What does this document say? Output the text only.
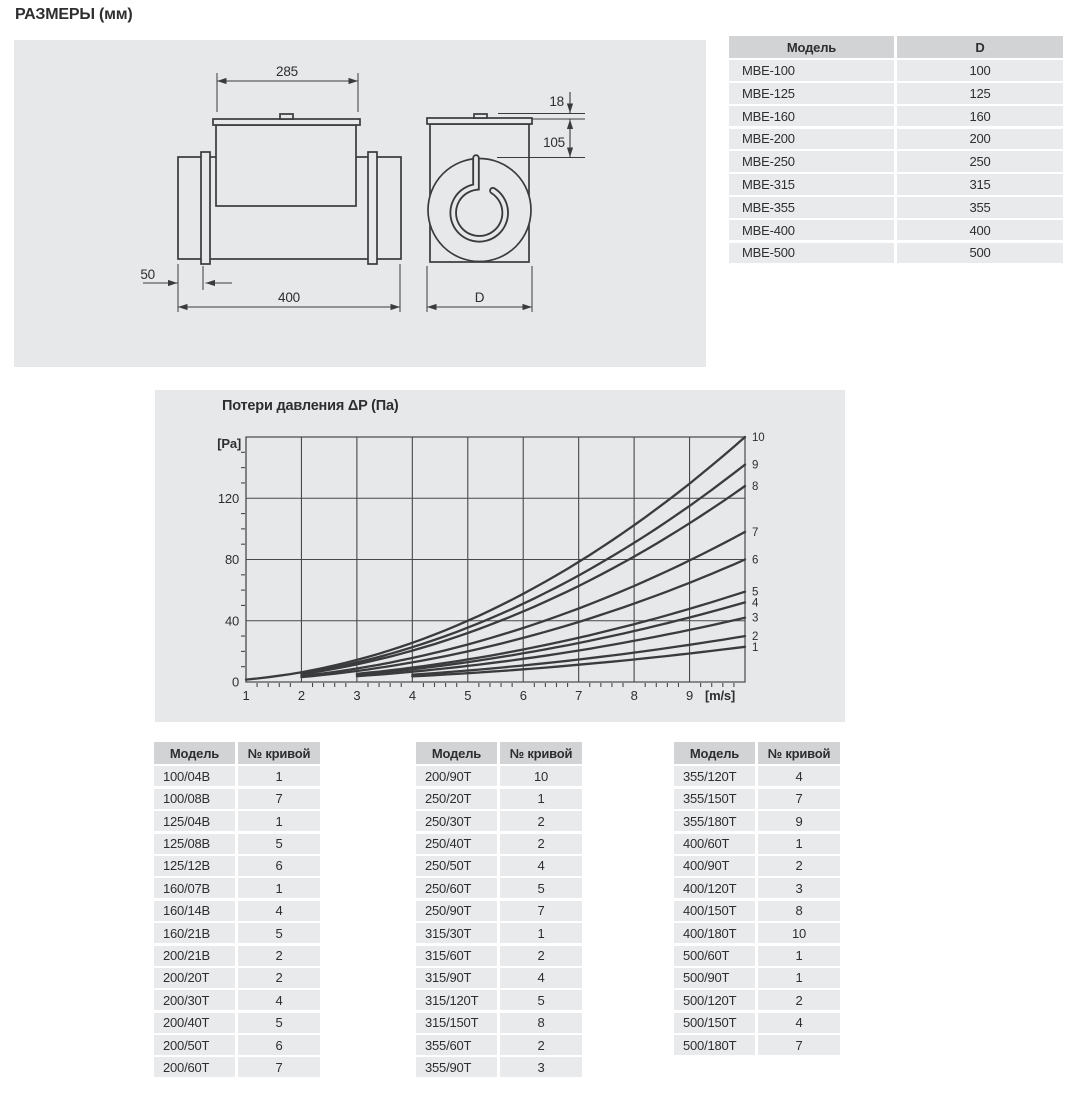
РАЗМЕРЫ (мм)
285
50
400
18
105
D
Модель	D
MBE-100	100
MBE-125	125
MBE-160	160
MBE-200	200
MBE-250	250
MBE-315	315
MBE-355	355
MBE-400	400
MBE-500	500
Потери давления ΔP (Па)
0
40
80
120
1	2	3	4	5	6	7	8	9
[Pa]
[m/s]
1
2
3
4
5
6
7
8
9
10
Модель	№ кривой
100/04B	1
100/08B	7
125/04B	1
125/08B	5
125/12B	6
160/07B	1
160/14B	4
160/21B	5
200/21B	2
200/20T	2
200/30T	4
200/40T	5
200/50T	6
200/60T	7
Модель	№ кривой
200/90T	10
250/20T	1
250/30T	2
250/40T	2
250/50T	4
250/60T	5
250/90T	7
315/30T	1
315/60T	2
315/90T	4
315/120T	5
315/150T	8
355/60T	2
355/90T	3
Модель	№ кривой
355/120T	4
355/150T	7
355/180T	9
400/60T	1
400/90T	2
400/120T	3
400/150T	8
400/180T	10
500/60T	1
500/90T	1
500/120T	2
500/150T	4
500/180T	7
